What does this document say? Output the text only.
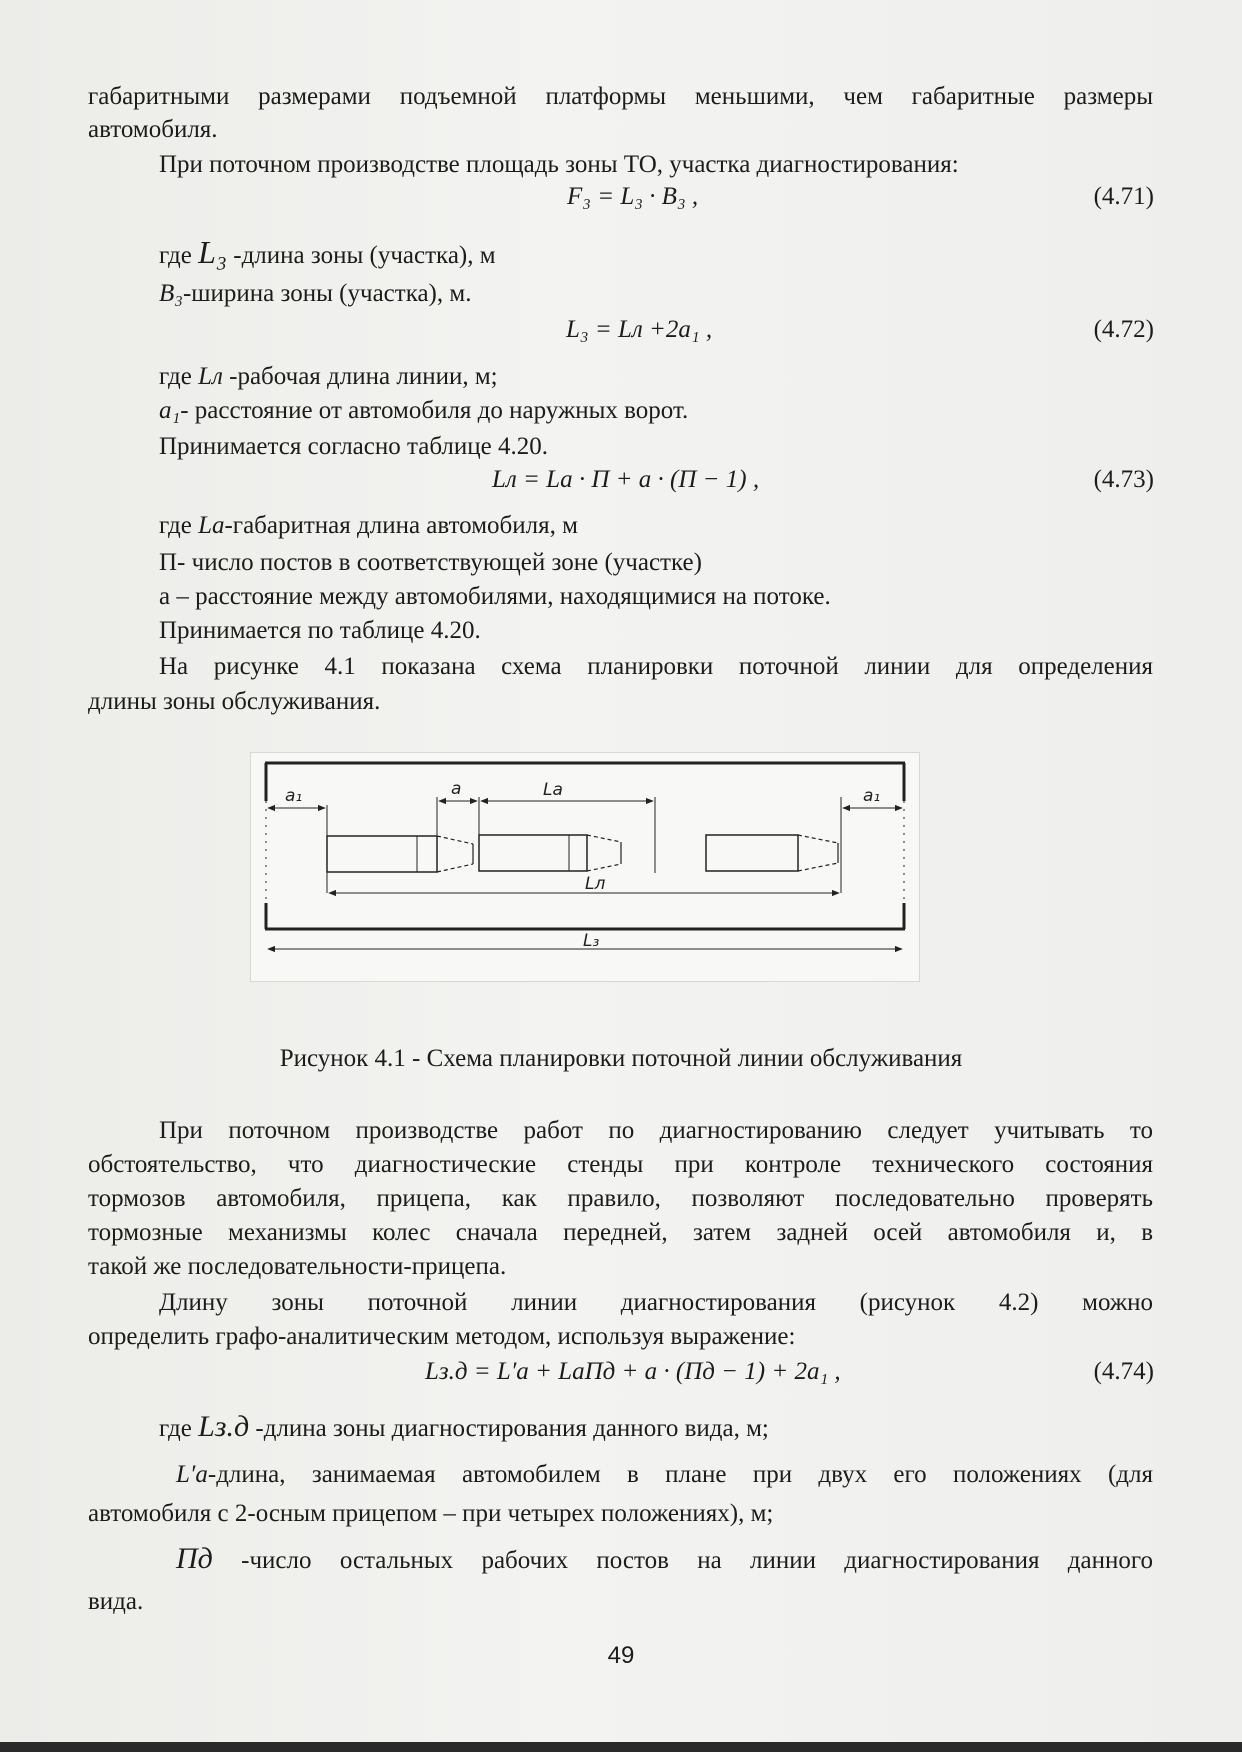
габаритными размерами подъемной платформы меньшими, чем габаритные размеры
автомобиля.
При поточном производстве площадь зоны ТО, участка диагностирования:
F₃ = L₃ · B₃ ,	(4.71)
где L₃ -длина зоны (участка), м
B₃-ширина зоны (участка), м.
L₃ = Lл +2a₁ ,	(4.72)
где Lл -рабочая длина линии, м;
a₁- расстояние от автомобиля до наружных ворот.
Принимается согласно таблице 4.20.
Lл = Lа · П + a · (П − 1) ,	(4.73)
где Lа-габаритная длина автомобиля, м
П- число постов в соответствующей зоне (участке)
а – расстояние между автомобилями, находящимися на потоке.
Принимается по таблице 4.20.
На рисунке 4.1 показана схема планировки поточной линии для определения
длины зоны обслуживания.
a₁	a	Lа	a₁
Lл
L₃
Рисунок 4.1 - Схема планировки поточной линии обслуживания
При поточном производстве работ по диагностированию следует учитывать то
обстоятельство, что диагностические стенды при контроле технического состояния
тормозов автомобиля, прицепа, как правило, позволяют последовательно проверять
тормозные механизмы колес сначала передней, затем задней осей автомобиля и, в
такой же последовательности-прицепа.
Длину зоны поточной линии диагностирования (рисунок 4.2) можно
определить графо-аналитическим методом, используя выражение:
Lз.д = L′а + LаПд + a · (Пд − 1) + 2a₁ ,	(4.74)
где Lз.д -длина зоны диагностирования данного вида, м;
L′а-длина, занимаемая автомобилем в плане при двух его положениях (для
автомобиля с 2-осным прицепом – при четырех положениях), м;
Пд -число остальных рабочих постов на линии диагностирования данного
вида.
49
